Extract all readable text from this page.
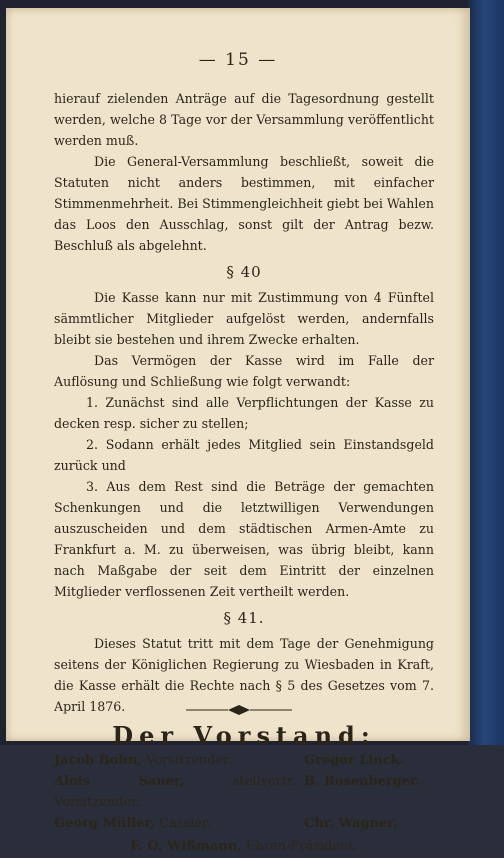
— 15 —

hierauf zielenden Anträge auf die Tagesordnung gestellt werden, welche 8 Tage vor der Versammlung veröffentlicht werden muß.

Die General-Versammlung beschließt, soweit die Statuten nicht anders bestimmen, mit einfacher Stimmenmehrheit. Bei Stimmengleichheit giebt bei Wahlen das Loos den Ausschlag, sonst gilt der Antrag bezw. Beschluß als abgelehnt.

§ 40

Die Kasse kann nur mit Zustimmung von 4 Fünftel sämmtlicher Mitglieder aufgelöst werden, andernfalls bleibt sie bestehen und ihrem Zwecke erhalten.

Das Vermögen der Kasse wird im Falle der Auflösung und Schließung wie folgt verwandt:

1. Zunächst sind alle Verpflichtungen der Kasse zu decken resp. sicher zu stellen;

2. Sodann erhält jedes Mitglied sein Einstandsgeld zurück und

3. Aus dem Rest sind die Beträge der gemachten Schenkungen und die letztwilligen Verwendungen auszuscheiden und dem städtischen Armen-Amte zu Frankfurt a. M. zu überweisen, was übrig bleibt, kann nach Maßgabe der seit dem Eintritt der einzelnen Mitglieder verflossenen Zeit vertheilt werden.

§ 41.

Dieses Statut tritt mit dem Tage der Genehmigung seitens der Königlichen Regierung zu Wiesbaden in Kraft, die Kasse erhält die Rechte nach § 5 des Gesetzes vom 7. April 1876.

Der Vorstand:
Jacob Bohn, Vorsitzender.	Gregor Linck.
Alois Sauer, stellvertr. Vorsitzender.
B. Rosenberger.
Georg Müller, Cassier.	Chr. Wagner.
F. O. Wißmann, Ehren-Präsident.
